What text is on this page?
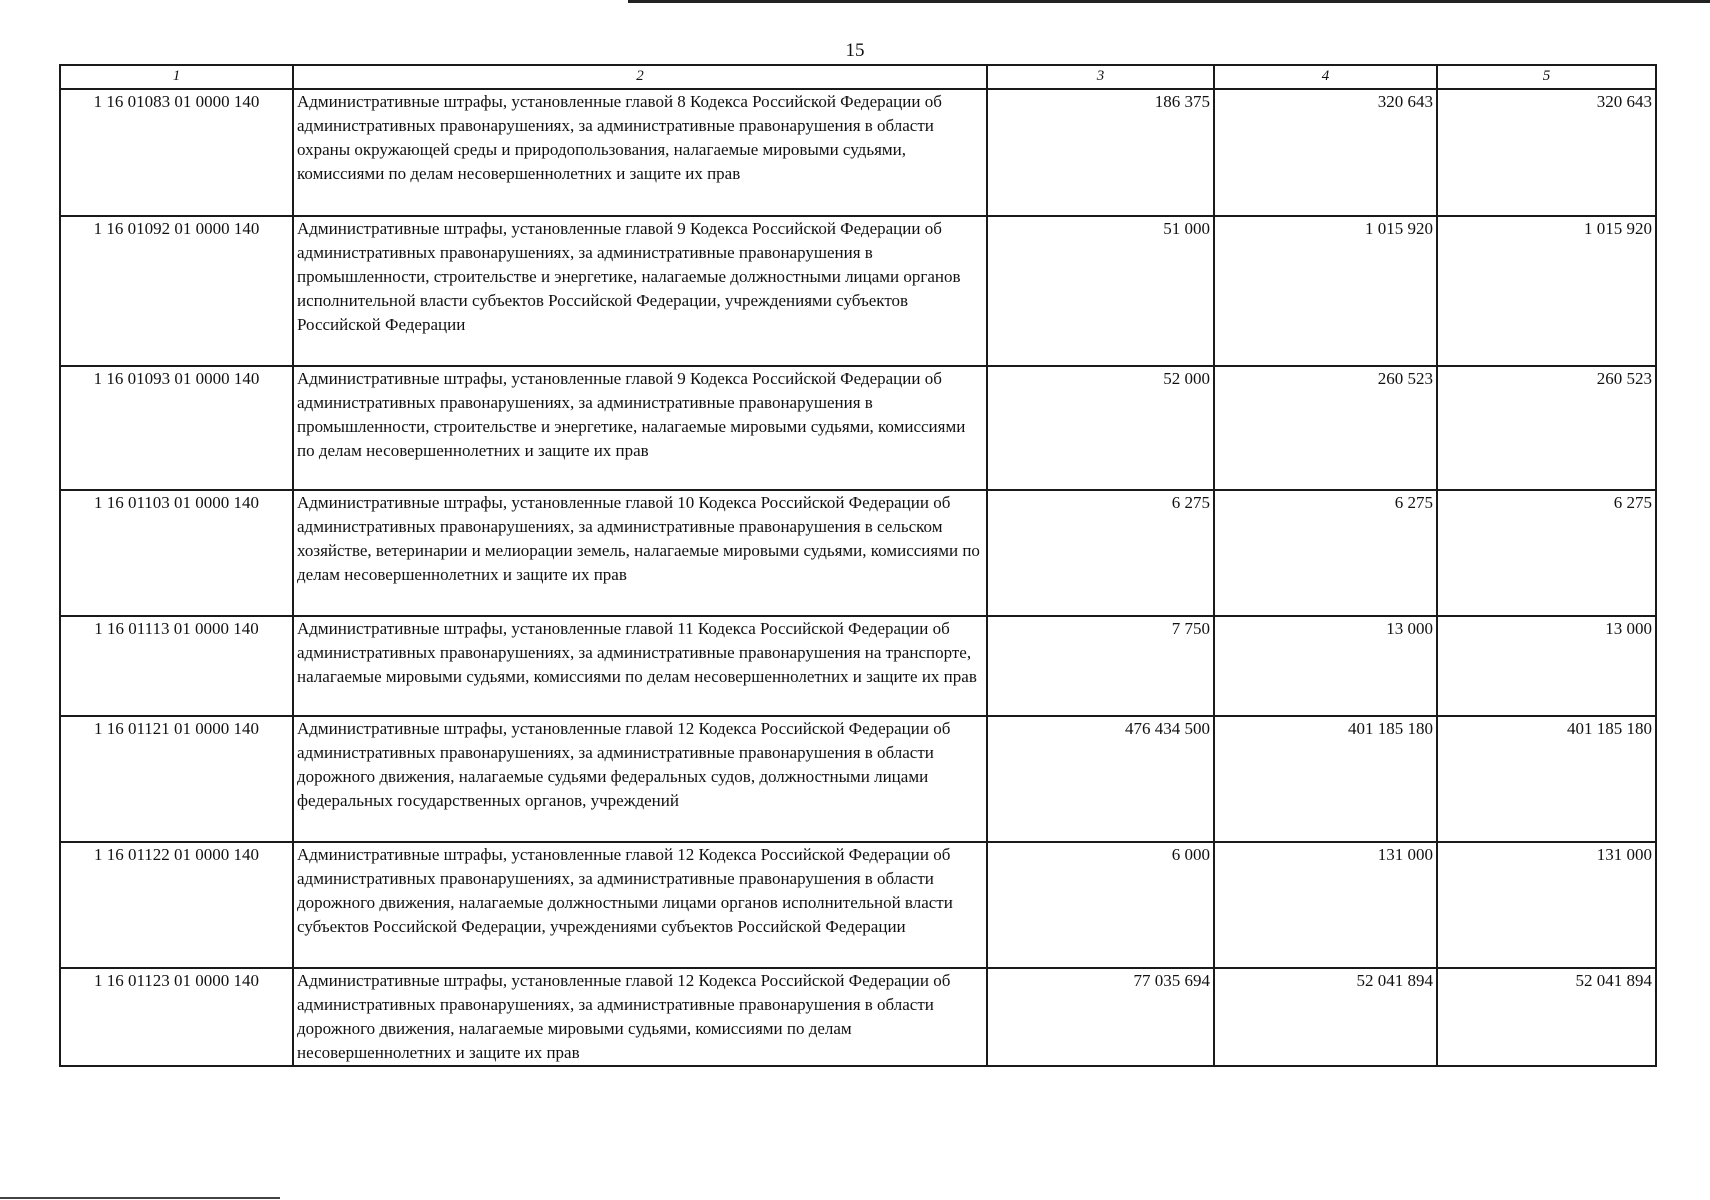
15
1	2	3	4	5
1 16 01083 01 0000 140	Административные штрафы, установленные главой 8 Кодекса Российской Федерации об административных правонарушениях, за административные правонарушения в области охраны окружающей среды и природопользования, налагаемые мировыми судьями, комиссиями по делам несовершеннолетних и защите их прав	186 375	320 643	320 643
1 16 01092 01 0000 140	Административные штрафы, установленные главой 9 Кодекса Российской Федерации об административных правонарушениях, за административные правонарушения в промышленности, строительстве и энергетике, налагаемые должностными лицами органов исполнительной власти субъектов Российской Федерации, учреждениями субъектов Российской Федерации	51 000	1 015 920	1 015 920
1 16 01093 01 0000 140	Административные штрафы, установленные главой 9 Кодекса Российской Федерации об административных правонарушениях, за административные правонарушения в промышленности, строительстве и энергетике, налагаемые мировыми судьями, комиссиями по делам несовершеннолетних и защите их прав	52 000	260 523	260 523
1 16 01103 01 0000 140	Административные штрафы, установленные главой 10 Кодекса Российской Федерации об административных правонарушениях, за административные правонарушения в сельском хозяйстве, ветеринарии и мелиорации земель, налагаемые мировыми судьями, комиссиями по делам несовершеннолетних и защите их прав	6 275	6 275	6 275
1 16 01113 01 0000 140	Административные штрафы, установленные главой 11 Кодекса Российской Федерации об административных правонарушениях, за административные правонарушения на транспорте, налагаемые мировыми судьями, комиссиями по делам несовершеннолетних и защите их прав	7 750	13 000	13 000
1 16 01121 01 0000 140	Административные штрафы, установленные главой 12 Кодекса Российской Федерации об административных правонарушениях, за административные правонарушения в области дорожного движения, налагаемые судьями федеральных судов, должностными лицами федеральных государственных органов, учреждений	476 434 500	401 185 180	401 185 180
1 16 01122 01 0000 140	Административные штрафы, установленные главой 12 Кодекса Российской Федерации об административных правонарушениях, за административные правонарушения в области дорожного движения, налагаемые должностными лицами органов исполнительной власти субъектов Российской Федерации, учреждениями субъектов Российской Федерации	6 000	131 000	131 000
1 16 01123 01 0000 140	Административные штрафы, установленные главой 12 Кодекса Российской Федерации об административных правонарушениях, за административные правонарушения в области дорожного движения, налагаемые мировыми судьями, комиссиями по делам несовершеннолетних и защите их прав	77 035 694	52 041 894	52 041 894
